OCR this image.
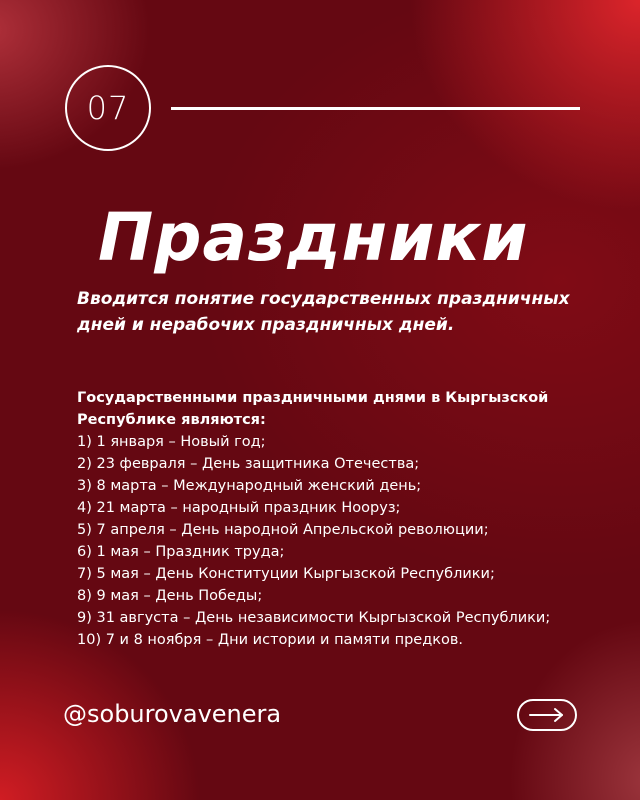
07
Праздники
Вводится понятие государственных праздничных дней и нерабочих праздничных дней.
Государственными праздничными днями в Кыргызской Республике являются:
1) 1 января – Новый год;
2) 23 февраля – День защитника Отечества;
3) 8 марта – Международный женский день;
4) 21 марта – народный праздник Нооруз;
5) 7 апреля – День народной Апрельской революции;
6) 1 мая – Праздник труда;
7) 5 мая – День Конституции Кыргызской Республики;
8) 9 мая – День Победы;
9) 31 августа – День независимости Кыргызской Республики;
10) 7 и 8 ноября – Дни истории и памяти предков.
@soburovavenera
